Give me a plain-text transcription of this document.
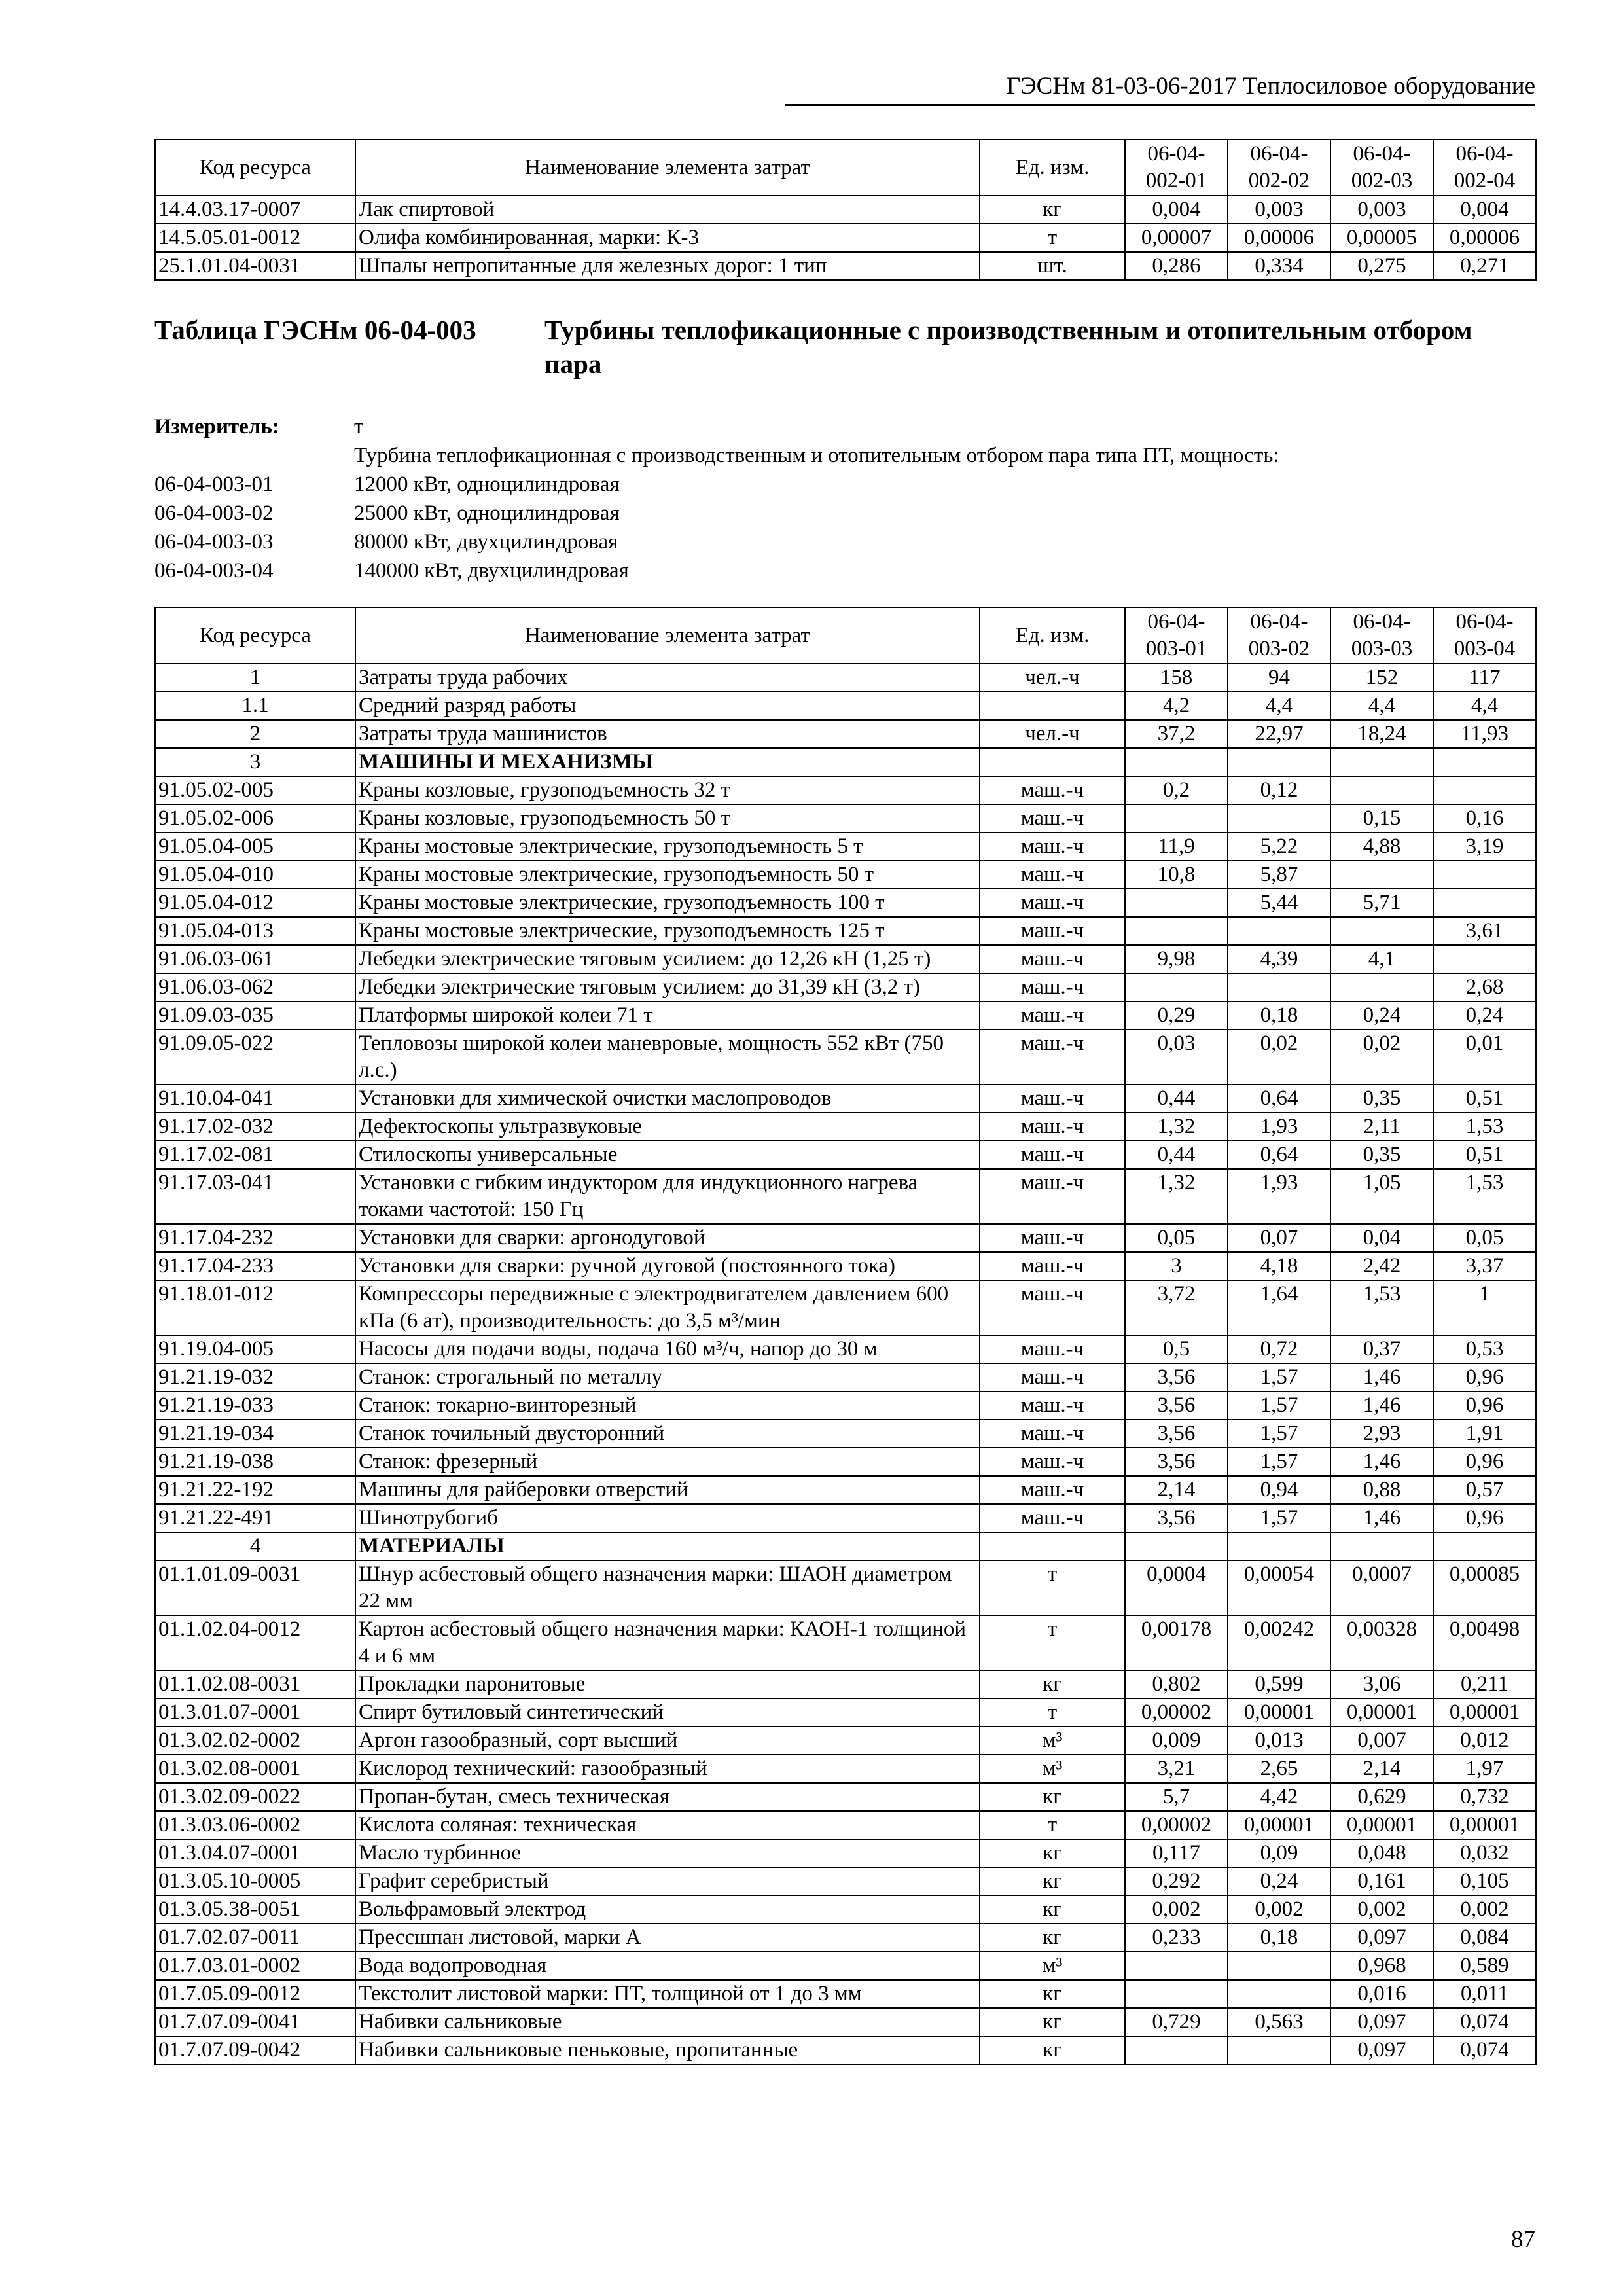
ГЭСНм 81-03-06-2017 Теплосиловое оборудование
Код ресурса	Наименование элемента затрат	Ед. изм.	06-04-002-01	06-04-002-02	06-04-002-03	06-04-002-04
14.4.03.17-0007	Лак спиртовой	кг	0,004	0,003	0,003	0,004
14.5.05.01-0012	Олифа комбинированная, марки: К-3	т	0,00007	0,00006	0,00005	0,00006
25.1.01.04-0031	Шпалы непропитанные для железных дорог: 1 тип	шт.	0,286	0,334	0,275	0,271
Таблица ГЭСНм 06-04-003	Турбины теплофикационные с производственным и отопительным отбором пара
Измеритель:	т
Турбина теплофикационная с производственным и отопительным отбором пара типа ПТ, мощность:
06-04-003-01	12000 кВт, одноцилиндровая
06-04-003-02	25000 кВт, одноцилиндровая
06-04-003-03	80000 кВт, двухцилиндровая
06-04-003-04	140000 кВт, двухцилиндровая
Код ресурса	Наименование элемента затрат	Ед. изм.	06-04-003-01	06-04-003-02	06-04-003-03	06-04-003-04
1	Затраты труда рабочих	чел.-ч	158	94	152	117
1.1	Средний разряд работы		4,2	4,4	4,4	4,4
2	Затраты труда машинистов	чел.-ч	37,2	22,97	18,24	11,93
3	МАШИНЫ И МЕХАНИЗМЫ					
91.05.02-005	Краны козловые, грузоподъемность 32 т	маш.-ч	0,2	0,12		
91.05.02-006	Краны козловые, грузоподъемность 50 т	маш.-ч			0,15	0,16
91.05.04-005	Краны мостовые электрические, грузоподъемность 5 т	маш.-ч	11,9	5,22	4,88	3,19
91.05.04-010	Краны мостовые электрические, грузоподъемность 50 т	маш.-ч	10,8	5,87		
91.05.04-012	Краны мостовые электрические, грузоподъемность 100 т	маш.-ч		5,44	5,71	
91.05.04-013	Краны мостовые электрические, грузоподъемность 125 т	маш.-ч				3,61
91.06.03-061	Лебедки электрические тяговым усилием: до 12,26 кН (1,25 т)	маш.-ч	9,98	4,39	4,1	
91.06.03-062	Лебедки электрические тяговым усилием: до 31,39 кН (3,2 т)	маш.-ч				2,68
91.09.03-035	Платформы широкой колеи 71 т	маш.-ч	0,29	0,18	0,24	0,24
91.09.05-022	Тепловозы широкой колеи маневровые, мощность 552 кВт (750 л.с.)	маш.-ч	0,03	0,02	0,02	0,01
91.10.04-041	Установки для химической очистки маслопроводов	маш.-ч	0,44	0,64	0,35	0,51
91.17.02-032	Дефектоскопы ультразвуковые	маш.-ч	1,32	1,93	2,11	1,53
91.17.02-081	Стилоскопы универсальные	маш.-ч	0,44	0,64	0,35	0,51
91.17.03-041	Установки с гибким индуктором для индукционного нагрева токами частотой: 150 Гц	маш.-ч	1,32	1,93	1,05	1,53
91.17.04-232	Установки для сварки: аргонодуговой	маш.-ч	0,05	0,07	0,04	0,05
91.17.04-233	Установки для сварки: ручной дуговой (постоянного тока)	маш.-ч	3	4,18	2,42	3,37
91.18.01-012	Компрессоры передвижные с электродвигателем давлением 600 кПа (6 ат), производительность: до 3,5 м³/мин	маш.-ч	3,72	1,64	1,53	1
91.19.04-005	Насосы для подачи воды, подача 160 м³/ч, напор до 30 м	маш.-ч	0,5	0,72	0,37	0,53
91.21.19-032	Станок: строгальный по металлу	маш.-ч	3,56	1,57	1,46	0,96
91.21.19-033	Станок: токарно-винторезный	маш.-ч	3,56	1,57	1,46	0,96
91.21.19-034	Станок точильный двусторонний	маш.-ч	3,56	1,57	2,93	1,91
91.21.19-038	Станок: фрезерный	маш.-ч	3,56	1,57	1,46	0,96
91.21.22-192	Машины для райберовки отверстий	маш.-ч	2,14	0,94	0,88	0,57
91.21.22-491	Шинотрубогиб	маш.-ч	3,56	1,57	1,46	0,96
4	МАТЕРИАЛЫ					
01.1.01.09-0031	Шнур асбестовый общего назначения марки: ШАОН диаметром 22 мм	т	0,0004	0,00054	0,0007	0,00085
01.1.02.04-0012	Картон асбестовый общего назначения марки: КАОН-1 толщиной 4 и 6 мм	т	0,00178	0,00242	0,00328	0,00498
01.1.02.08-0031	Прокладки паронитовые	кг	0,802	0,599	3,06	0,211
01.3.01.07-0001	Спирт бутиловый синтетический	т	0,00002	0,00001	0,00001	0,00001
01.3.02.02-0002	Аргон газообразный, сорт высший	м³	0,009	0,013	0,007	0,012
01.3.02.08-0001	Кислород технический: газообразный	м³	3,21	2,65	2,14	1,97
01.3.02.09-0022	Пропан-бутан, смесь техническая	кг	5,7	4,42	0,629	0,732
01.3.03.06-0002	Кислота соляная: техническая	т	0,00002	0,00001	0,00001	0,00001
01.3.04.07-0001	Масло турбинное	кг	0,117	0,09	0,048	0,032
01.3.05.10-0005	Графит серебристый	кг	0,292	0,24	0,161	0,105
01.3.05.38-0051	Вольфрамовый электрод	кг	0,002	0,002	0,002	0,002
01.7.02.07-0011	Прессшпан листовой, марки А	кг	0,233	0,18	0,097	0,084
01.7.03.01-0002	Вода водопроводная	м³			0,968	0,589
01.7.05.09-0012	Текстолит листовой марки: ПТ, толщиной от 1 до 3 мм	кг			0,016	0,011
01.7.07.09-0041	Набивки сальниковые	кг	0,729	0,563	0,097	0,074
01.7.07.09-0042	Набивки сальниковые пеньковые, пропитанные	кг			0,097	0,074
87
